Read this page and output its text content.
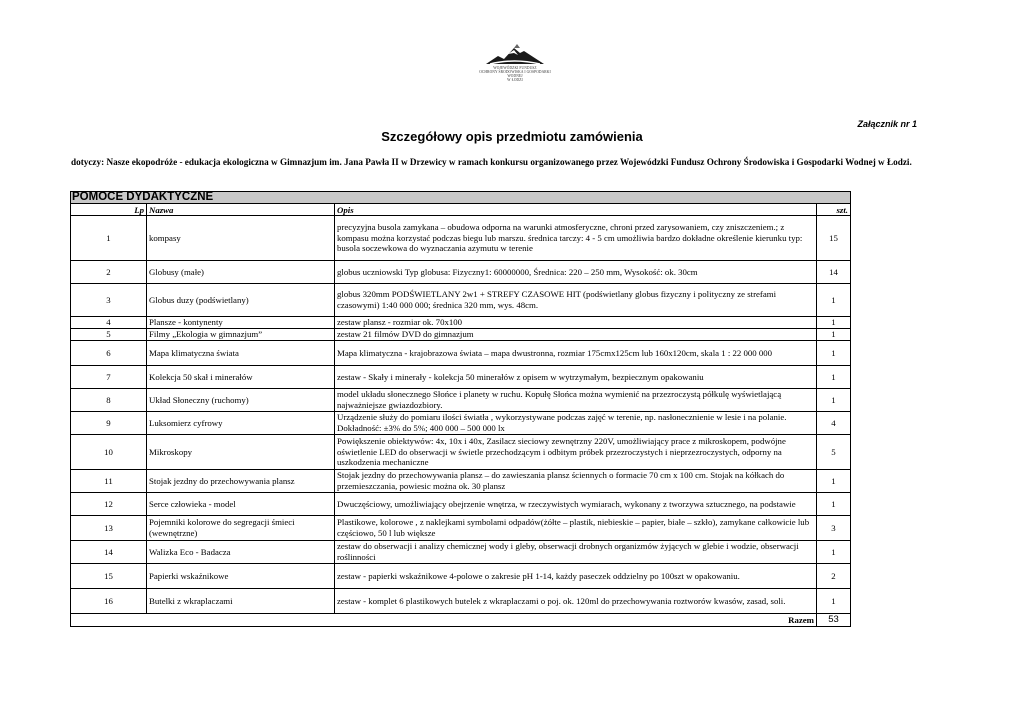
WOJEWÓDZKI FUNDUSZ
OCHRONY ŚRODOWISKA I GOSPODARKI WODNEJ
W ŁODZI
Załącznik nr 1
Szczegółowy opis przedmiotu zamówienia
dotyczy: Nasze ekopodróże - edukacja ekologiczna w Gimnazjum im. Jana Pawła II w Drzewicy w ramach konkursu organizowanego przez Wojewódzki Fundusz Ochrony Środowiska i Gospodarki Wodnej w Łodzi.
POMOCE DYDAKTYCZNE			
Lp	Nazwa	Opis	szt.
1	kompasy	precyzyjna busola zamykana – obudowa odporna na warunki atmosferyczne, chroni przed zarysowaniem, czy zniszczeniem.; z kompasu można korzystać podczas biegu lub marszu. średnica tarczy: 4 - 5 cm umożliwia bardzo dokładne określenie kierunku typ: busola soczewkowa do wyznaczania azymutu w terenie	15
2	Globusy (małe)	globus uczniowski Typ globusa: Fizyczny1: 60000000, Średnica: 220 – 250 mm, Wysokość: ok. 30cm	14
3	Globus duzy (podświetlany)	globus 320mm PODŚWIETLANY 2w1 + STREFY CZASOWE HIT (podświetlany globus fizyczny i polityczny ze strefami czasowymi) 1:40 000 000; średnica 320 mm, wys. 48cm.	1
4	Plansze - kontynenty	zestaw plansz - rozmiar ok. 70x100	1
5	Filmy „Ekologia w gimnazjum”	zestaw 21 filmów DVD do gimnazjum	1
6	Mapa klimatyczna świata	Mapa klimatyczna - krajobrazowa świata – mapa dwustronna, rozmiar 175cmx125cm lub 160x120cm, skala 1 : 22 000 000	1
7	Kolekcja 50 skał i minerałów	zestaw - Skały i minerały - kolekcja 50 minerałów z opisem w wytrzymałym, bezpiecznym opakowaniu	1
8	Układ Słoneczny (ruchomy)	model układu słonecznego Słońce i planety w ruchu. Kopułę Słońca można wymienić na przezroczystą półkulę wyświetlającą najważniejsze gwiazdozbiory.	1
9	Luksomierz cyfrowy	Urządzenie służy do pomiaru ilości światła , wykorzystywane podczas zajęć w terenie, np. nasłonecznienie w lesie i na polanie. Dokładność: ±3% do 5%; 400 000 – 500 000 lx	4
10	Mikroskopy	Powiększenie obiektywów: 4x, 10x i 40x, Zasilacz sieciowy zewnętrzny 220V, umożliwiający prace z mikroskopem, podwójne oświetlenie LED do obserwacji w świetle przechodzącym i odbitym próbek przezroczystych i nieprzezroczystych, odporny na uszkodzenia mechaniczne	5
11	Stojak jezdny do przechowywania plansz	Stojak jezdny do przechowywania plansz – do zawieszania plansz ściennych o formacie 70 cm x 100 cm. Stojak na kółkach do przemieszczania, powiesic można ok. 30 plansz	1
12	Serce człowieka - model	Dwuczęściowy, umożliwiający obejrzenie wnętrza, w rzeczywistych wymiarach, wykonany z tworzywa sztucznego, na podstawie	1
13	Pojemniki kolorowe do segregacji śmieci (wewnętrzne)	Plastikowe, kolorowe , z naklejkami symbolami odpadów(żółte – plastik, niebieskie – papier, białe – szkło), zamykane całkowicie lub częściowo, 50 l lub większe	3
14	Walizka Eco - Badacza	zestaw do obserwacji i analizy chemicznej wody i gleby, obserwacji drobnych organizmów żyjących w glebie i wodzie, obserwacji roślinności	1
15	Papierki wskaźnikowe	zestaw - papierki wskaźnikowe 4-polowe o zakresie pH 1-14, każdy paseczek oddzielny po 100szt w opakowaniu.	2
16	Butelki z wkraplaczami	zestaw - komplet 6 plastikowych butelek z wkraplaczami o poj. ok. 120ml do przechowywania roztworów kwasów, zasad, soli.	1
Razem			53
